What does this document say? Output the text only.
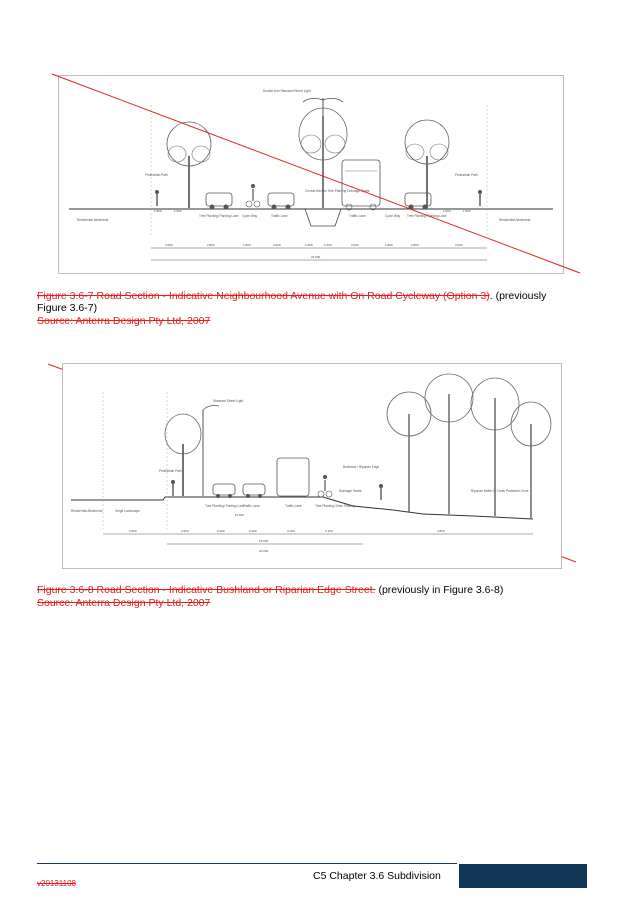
Double Arm Standard Street Light
Pedestrian Path	Pedestrian Path
Residential Allotments	Residential Allotments
Tree Planting/ Parking Lane Cycle Way	Traffic Lane
Central Median Tree Planting Drainage Swale
Traffic Lane	Cycle Way Tree Planting/ Parking Lane
1.500	1.500
3.000	2.800	1.800	3.000	1.000	1.000	3.000	1.800	2.800	3.000
1.500	1.500
22.500
Figure 3.6-7 Road Section - Indicative Neighbourhood Avenue with On Road Cycleway (Option 3). (previously Figure 3.6-7)
Source: Anterra Design Pty Ltd, 2007
Standard Street Light
Residential Allotments	Verge Landscape
Pedestrian Path
Tree Planting/ Parking Lane
Traffic Lane	Traffic Lane	Tree Planting/ Drive Parking
Drainage Swale
Bushland / Riparian Edge
Riparian Buffer to Creek Protection Zone
3.500	3.500	3.100	3.100	3.100	3.100	4.800
11.500
15.000
20.000
Figure 3.6-8 Road Section - Indicative Bushland or Riparian Edge Street. (previously in Figure 3.6-8)
Source: Anterra Design Pty Ltd, 2007
C5 Chapter 3.6 Subdivision
v20131108
